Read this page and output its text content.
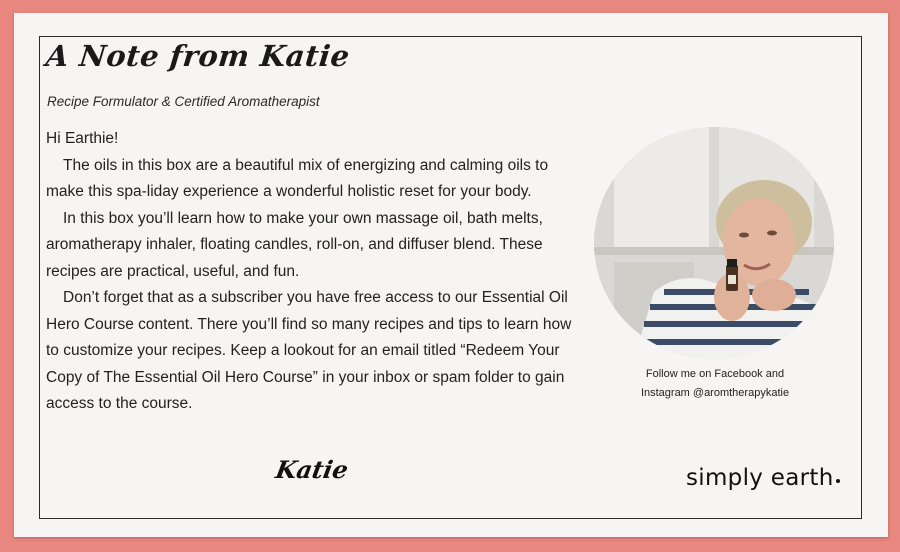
A Note from Katie
Recipe Formulator & Certified Aromatherapist

Hi Earthie!

The oils in this box are a beautiful mix of energizing and calming oils to make this spa-liday experience a wonderful holistic reset for your body.

In this box you’ll learn how to make your own massage oil, bath melts, aromatherapy inhaler, floating candles, roll-on, and diffuser blend. These recipes are practical, useful, and fun.

Don’t forget that as a subscriber you have free access to our Essential Oil Hero Course content. There you’ll find so many recipes and tips to learn how to customize your recipes. Keep a lookout for an email titled “Redeem Your Copy of The Essential Oil Hero Course” in your inbox or spam folder to gain access to the course.

Katie
Follow me on Facebook and
Instagram @aromtherapykatie
simply earth
